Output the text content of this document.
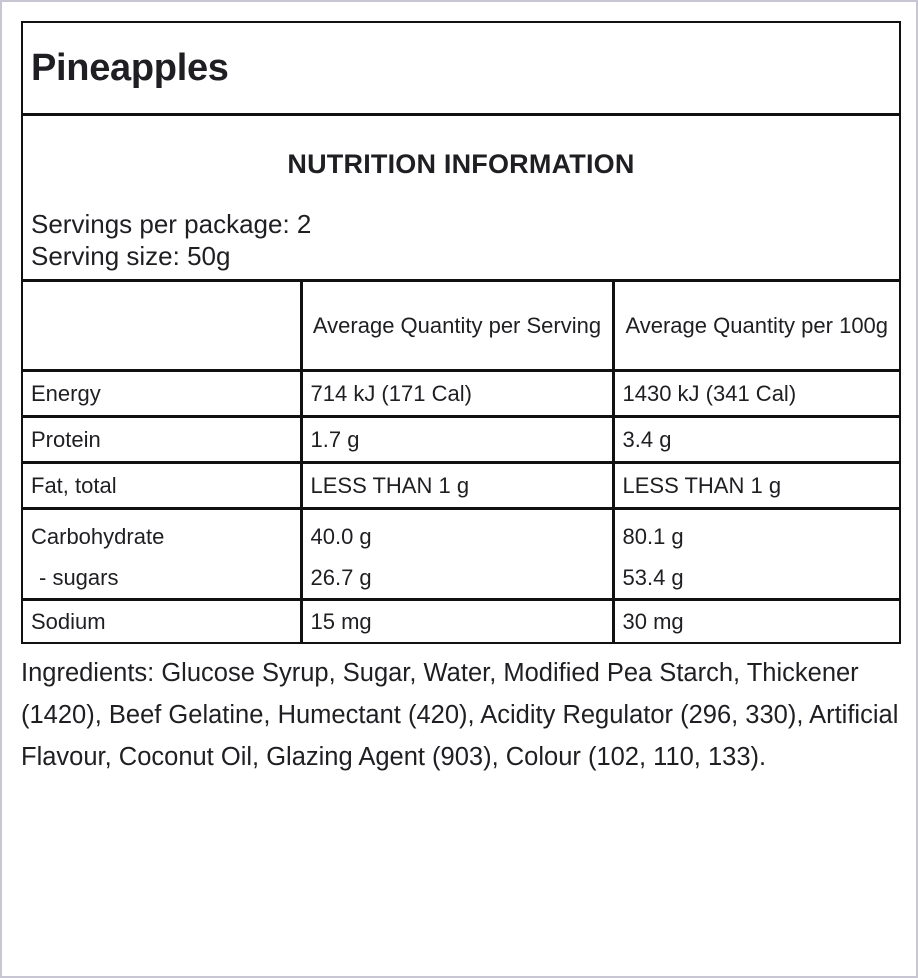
Pineapples
NUTRITION INFORMATION
Servings per package: 2
Serving size: 50g
	Average Quantity per Serving	Average Quantity per 100g
Energy	714 kJ (171 Cal)	1430 kJ (341 Cal)
Protein	1.7 g	3.4 g
Fat, total	LESS THAN 1 g	LESS THAN 1 g
Carbohydrate	40.0 g	80.1 g
- sugars	26.7 g	53.4 g
Sodium	15 mg	30 mg
Ingredients: Glucose Syrup, Sugar, Water, Modified Pea Starch, Thickener (1420), Beef Gelatine, Humectant (420), Acidity Regulator (296, 330), Artificial Flavour, Coconut Oil, Glazing Agent (903), Colour (102, 110, 133).
